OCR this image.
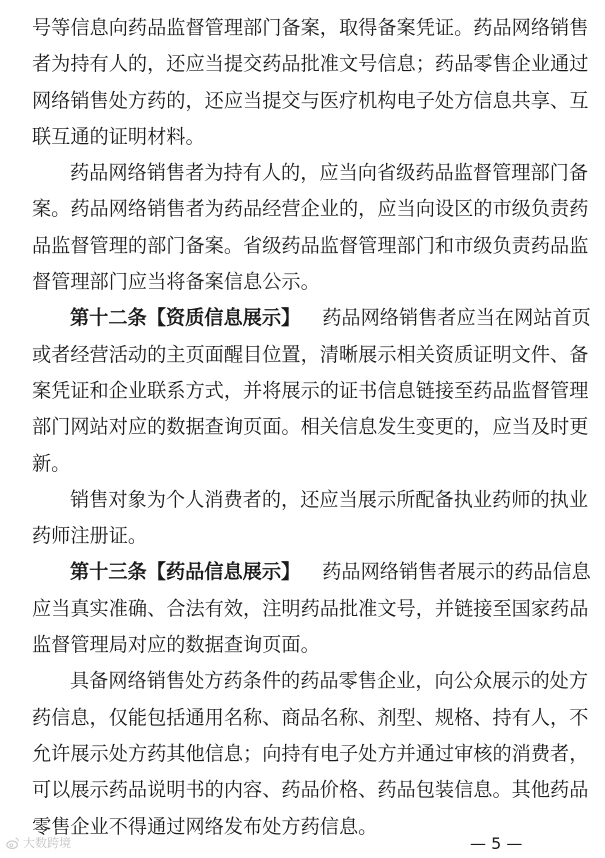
号等信息向药品监督管理部门备案，取得备案凭证。药品网络销售
者为持有人的，还应当提交药品批准文号信息；药品零售企业通过
网络销售处方药的，还应当提交与医疗机构电子处方信息共享、互
联互通的证明材料。
药品网络销售者为持有人的，应当向省级药品监督管理部门备
案。药品网络销售者为药品经营企业的，应当向设区的市级负责药
品监督管理的部门备案。省级药品监督管理部门和市级负责药品监
督管理部门应当将备案信息公示。
第十二条【资质信息展示】 药品网络销售者应当在网站首页
或者经营活动的主页面醒目位置，清晰展示相关资质证明文件、备
案凭证和企业联系方式，并将展示的证书信息链接至药品监督管理
部门网站对应的数据查询页面。相关信息发生变更的，应当及时更
新。
销售对象为个人消费者的，还应当展示所配备执业药师的执业
药师注册证。
第十三条【药品信息展示】 药品网络销售者展示的药品信息
应当真实准确、合法有效，注明药品批准文号，并链接至国家药品
监督管理局对应的数据查询页面。
具备网络销售处方药条件的药品零售企业，向公众展示的处方
药信息，仅能包括通用名称、商品名称、剂型、规格、持有人，不
允许展示处方药其他信息；向持有电子处方并通过审核的消费者，
可以展示药品说明书的内容、药品价格、药品包装信息。其他药品
零售企业不得通过网络发布处方药信息。
大数跨境	— 5 —
